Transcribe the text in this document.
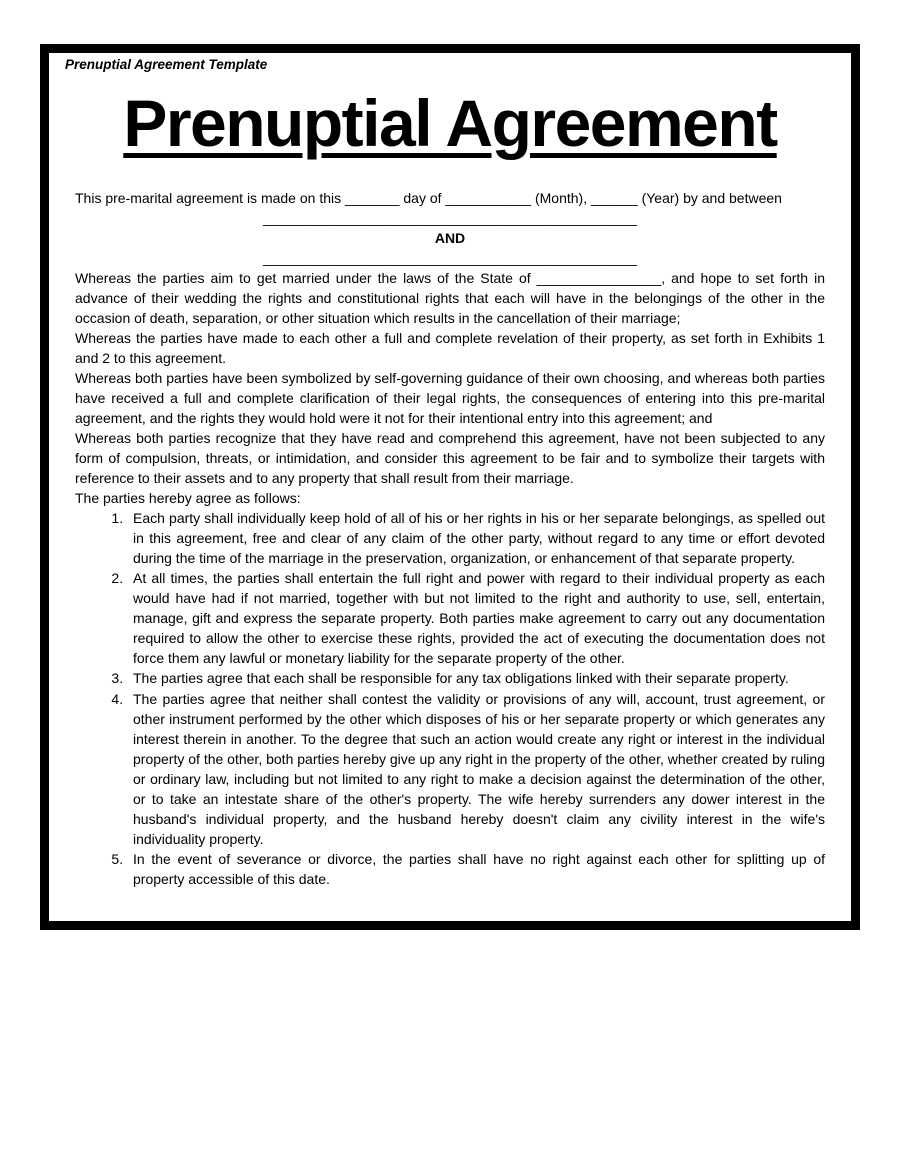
Prenuptial Agreement Template
Prenuptial Agreement

This pre-marital agreement is made on this _______ day of ___________ (Month), ______ (Year) by and between

________________________________________________

AND

________________________________________________

Whereas the parties aim to get married under the laws of the State of ________________, and hope to set forth in advance of their wedding the rights and constitutional rights that each will have in the belongings of the other in the occasion of death, separation, or other situation which results in the cancellation of their marriage;

Whereas the parties have made to each other a full and complete revelation of their property, as set forth in Exhibits 1 and 2 to this agreement.

Whereas both parties have been symbolized by self-governing guidance of their own choosing, and whereas both parties have received a full and complete clarification of their legal rights, the consequences of entering into this pre-marital agreement, and the rights they would hold were it not for their intentional entry into this agreement; and

Whereas both parties recognize that they have read and comprehend this agreement, have not been subjected to any form of compulsion, threats, or intimidation, and consider this agreement to be fair and to symbolize their targets with reference to their assets and to any property that shall result from their marriage.

The parties hereby agree as follows:

1. Each party shall individually keep hold of all of his or her rights in his or her separate belongings, as spelled out in this agreement, free and clear of any claim of the other party, without regard to any time or effort devoted during the time of the marriage in the preservation, organization, or enhancement of that separate property.
2. At all times, the parties shall entertain the full right and power with regard to their individual property as each would have had if not married, together with but not limited to the right and authority to use, sell, entertain, manage, gift and express the separate property. Both parties make agreement to carry out any documentation required to allow the other to exercise these rights, provided the act of executing the documentation does not force them any lawful or monetary liability for the separate property of the other.
3. The parties agree that each shall be responsible for any tax obligations linked with their separate property.
4. The parties agree that neither shall contest the validity or provisions of any will, account, trust agreement, or other instrument performed by the other which disposes of his or her separate property or which generates any interest therein in another. To the degree that such an action would create any right or interest in the individual property of the other, both parties hereby give up any right in the property of the other, whether created by ruling or ordinary law, including but not limited to any right to make a decision against the determination of the other, or to take an intestate share of the other's property. The wife hereby surrenders any dower interest in the husband's individual property, and the husband hereby doesn't claim any civility interest in the wife's individuality property.
5. In the event of severance or divorce, the parties shall have no right against each other for splitting up of property accessible of this date.
